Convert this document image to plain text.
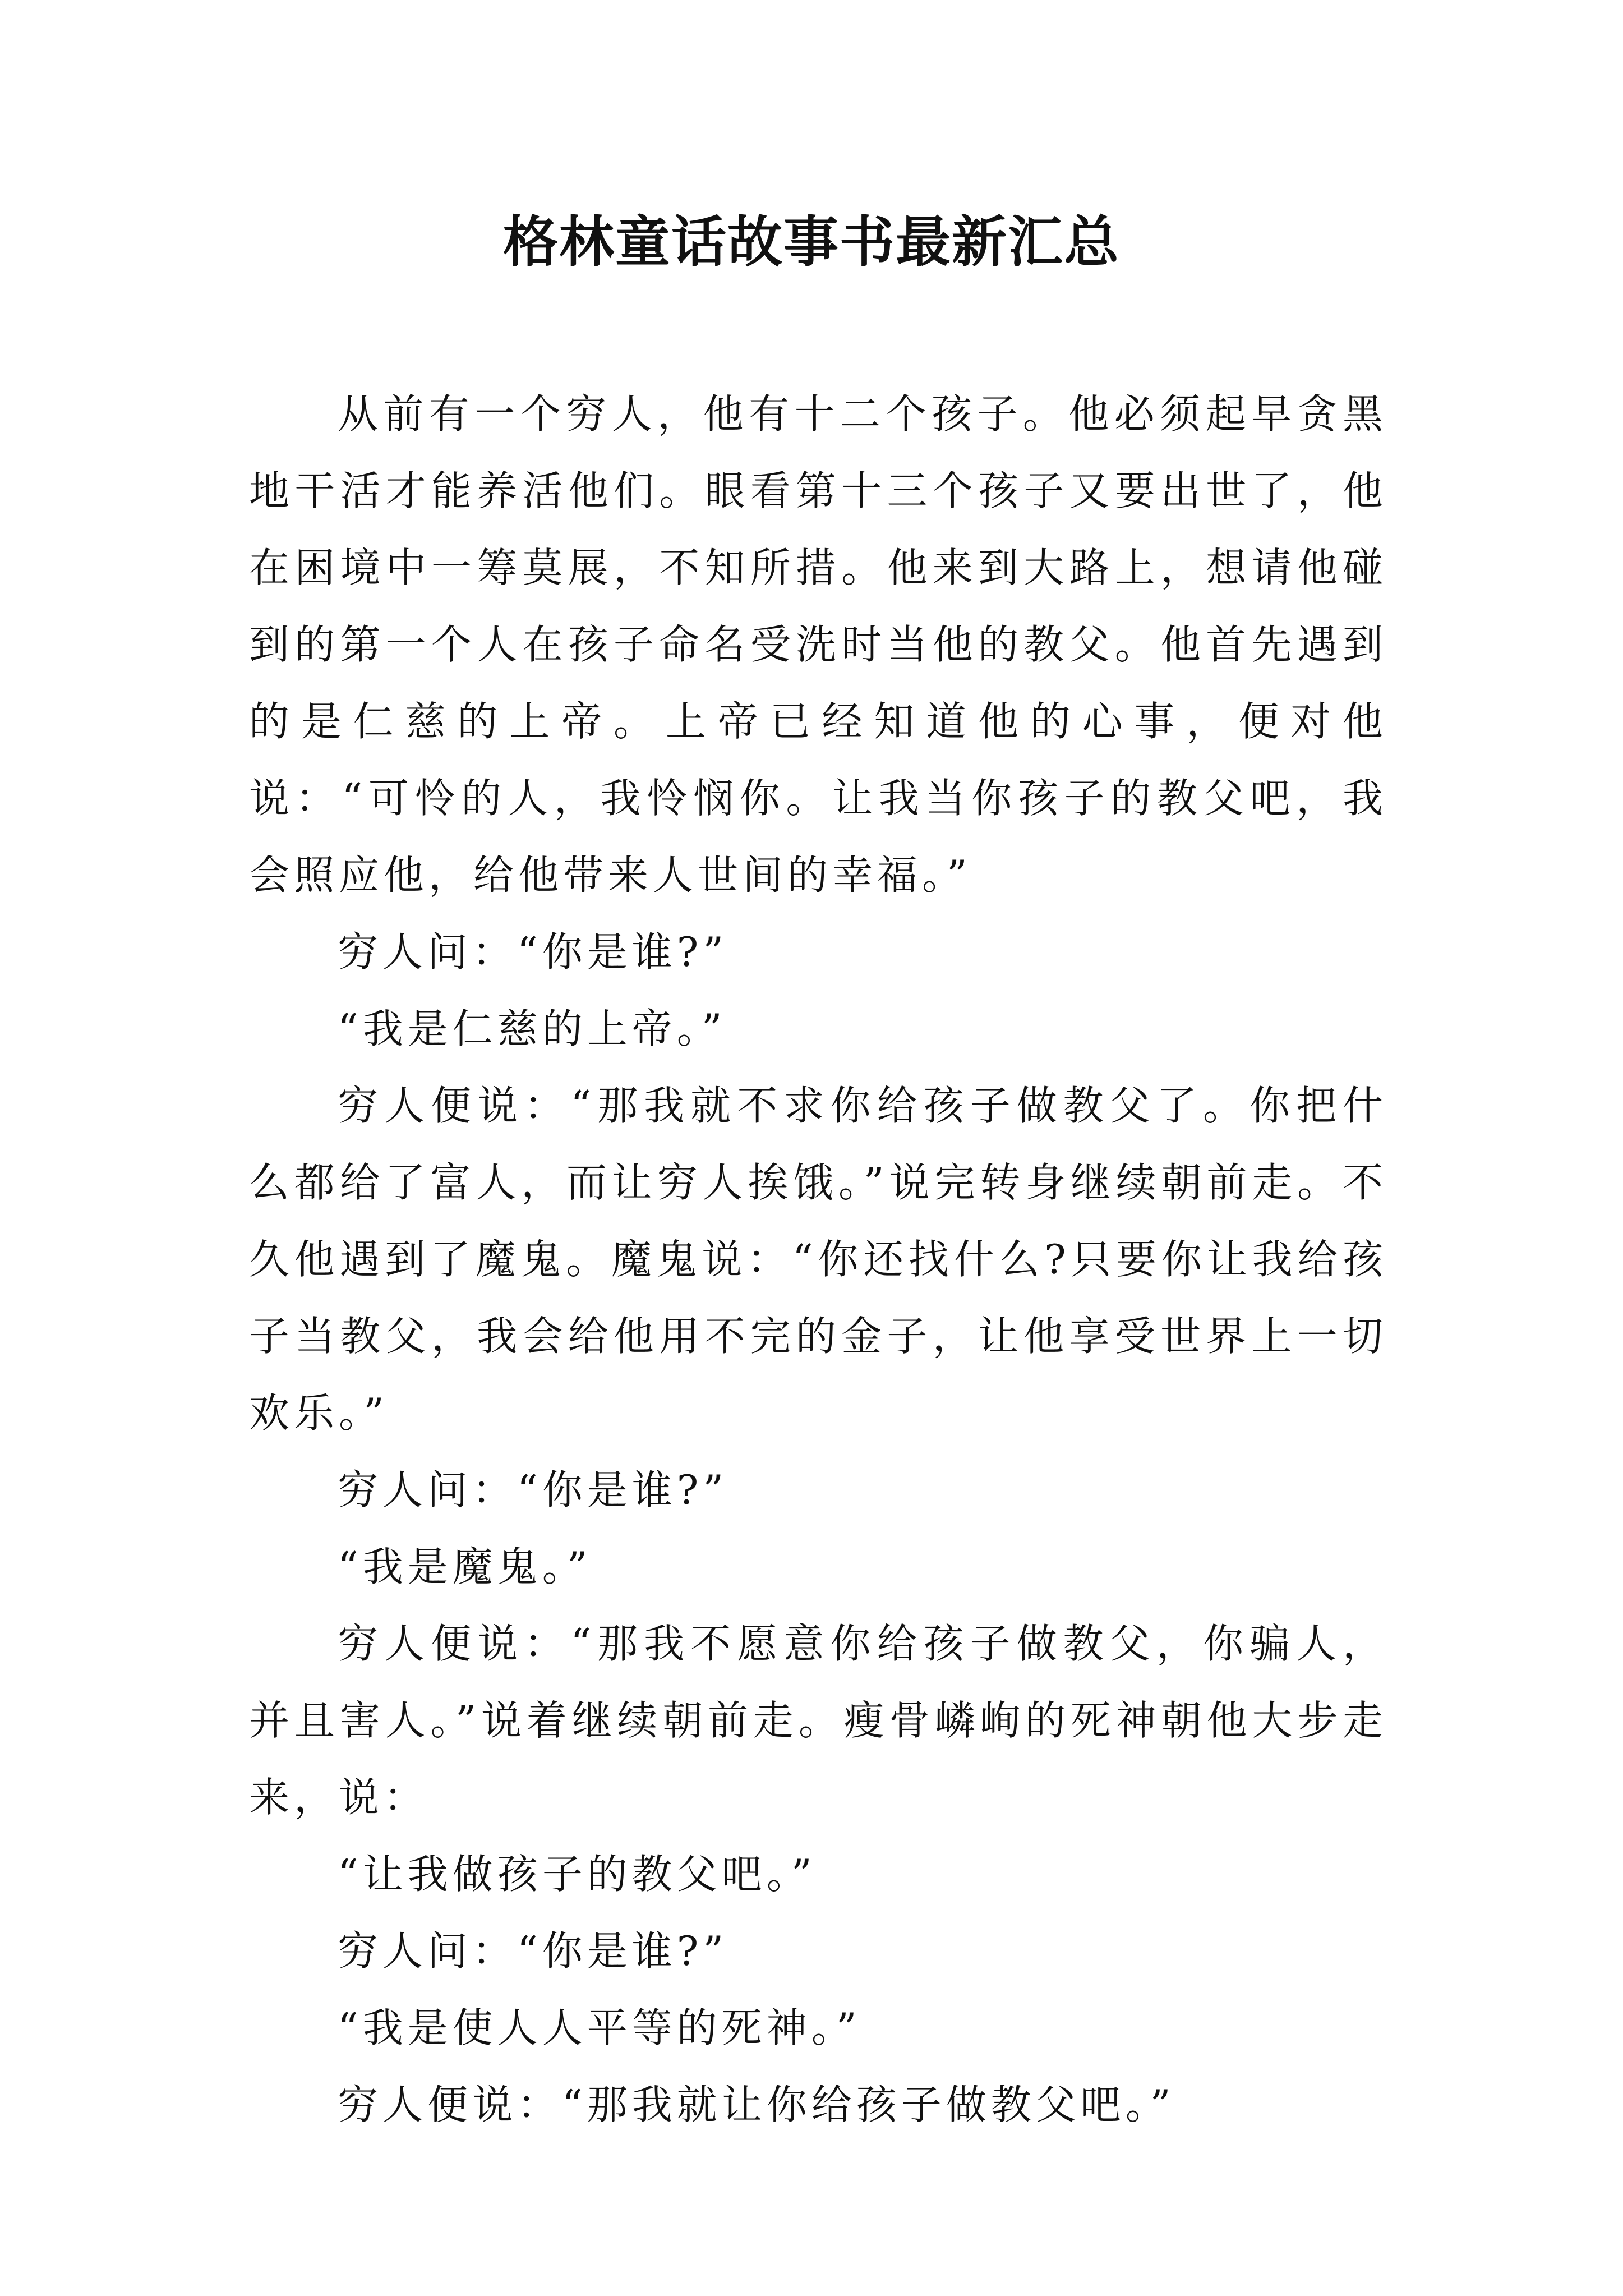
格林童话故事书最新汇总

从前有一个穷人，他有十二个孩子。他必须起早贪黑地干活才能养活他们。眼看第十三个孩子又要出世了，他在困境中一筹莫展，不知所措。他来到大路上，想请他碰到的第一个人在孩子命名受洗时当他的教父。他首先遇到的是仁慈的上帝。上帝已经知道他的心事，便对他说：“可怜的人，我怜悯你。让我当你孩子的教父吧，我会照应他，给他带来人世间的幸福。”

穷人问：“你是谁?”

“我是仁慈的上帝。”

穷人便说：“那我就不求你给孩子做教父了。你把什么都给了富人，而让穷人挨饿。”说完转身继续朝前走。不久他遇到了魔鬼。魔鬼说：“你还找什么?只要你让我给孩子当教父，我会给他用不完的金子，让他享受世界上一切欢乐。”

穷人问：“你是谁?”

“我是魔鬼。”

穷人便说：“那我不愿意你给孩子做教父，你骗人，并且害人。”说着继续朝前走。瘦骨嶙峋的死神朝他大步走来，说：

“让我做孩子的教父吧。”

穷人问：“你是谁?”

“我是使人人平等的死神。”

穷人便说：“那我就让你给孩子做教父吧。”
